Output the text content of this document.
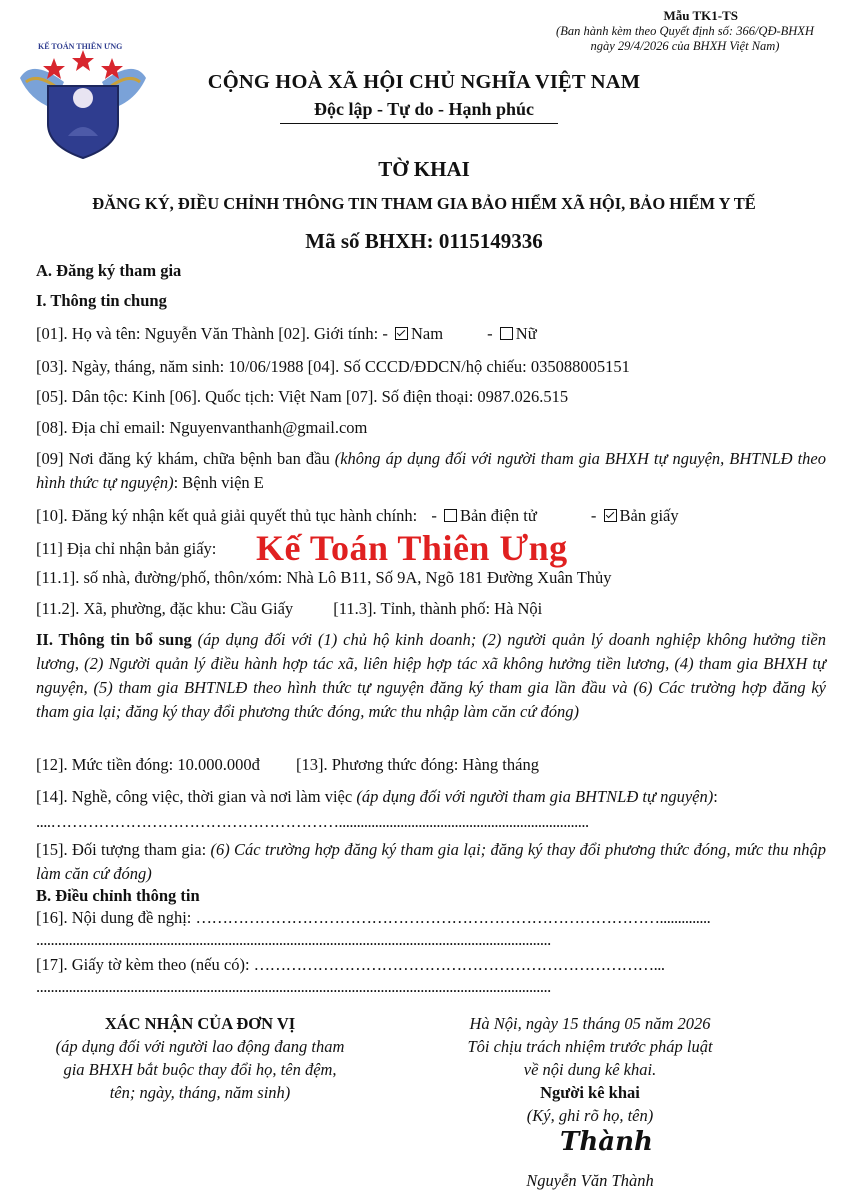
KẾ TOÁN THIÊN ƯNG
Mẫu TK1-TS
(Ban hành kèm theo Quyết định số: 366/QĐ-BHXH
ngày 29/4/2026 của BHXH Việt Nam)
CỘNG HOÀ XÃ HỘI CHỦ NGHĨA VIỆT NAM
Độc lập - Tự do - Hạnh phúc
TỜ KHAI
ĐĂNG KÝ, ĐIỀU CHỈNH THÔNG TIN THAM GIA BẢO HIỂM XÃ HỘI, BẢO HIỂM Y TẾ
Mã số BHXH: 0115149336
A. Đăng ký tham gia
I. Thông tin chung
[01]. Họ và tên: Nguyễn Văn Thành [02]. Giới tính: - Nam	- Nữ
[03]. Ngày, tháng, năm sinh: 10/06/1988 [04]. Số CCCD/ĐDCN/hộ chiếu: 035088005151
[05]. Dân tộc: Kinh [06]. Quốc tịch: Việt Nam [07]. Số điện thoại: 0987.026.515
[08]. Địa chỉ email: Nguyenvanthanh@gmail.com
[09] Nơi đăng ký khám, chữa bệnh ban đầu (không áp dụng đối với người tham gia BHXH tự nguyện, BHTNLĐ theo hình thức tự nguyện): Bệnh viện E
[10]. Đăng ký nhận kết quả giải quyết thủ tục hành chính: - Bản điện tử	- Bản giấy
[11] Địa chỉ nhận bản giấy:	Kế Toán Thiên Ưng
[11.1]. số nhà, đường/phố, thôn/xóm: Nhà Lô B11, Số 9A, Ngõ 181 Đường Xuân Thủy
[11.2]. Xã, phường, đặc khu: Cầu Giấy [11.3]. Tỉnh, thành phố: Hà Nội
II. Thông tin bổ sung (áp dụng đối với (1) chủ hộ kinh doanh; (2) người quản lý doanh nghiệp không hưởng tiền lương, (2) Người quản lý điều hành hợp tác xã, liên hiệp hợp tác xã không hưởng tiền lương, (4) tham gia BHXH tự nguyện, (5) tham gia BHTNLĐ theo hình thức tự nguyện đăng ký tham gia lần đầu và (6) Các trường hợp đăng ký tham gia lại; đăng ký thay đổi phương thức đóng, mức thu nhập làm căn cứ đóng)
[12]. Mức tiền đóng: 10.000.000đ [13]. Phương thức đóng: Hàng tháng
[14]. Nghề, công việc, thời gian và nơi làm việc (áp dụng đối với người tham gia BHTNLĐ tự nguyện):
....……………………………………………….....................................................................
[15]. Đối tượng tham gia: (6) Các trường hợp đăng ký tham gia lại; đăng ký thay đổi phương thức đóng, mức thu nhập làm căn cứ đóng)
B. Điều chỉnh thông tin
[16]. Nội dung đề nghị: ……………………………………………………………………………..............
..............................................................................................................................................
[17]. Giấy tờ kèm theo (nếu có): …………………………………………………………………...
..............................................................................................................................................
XÁC NHẬN CỦA ĐƠN VỊ
(áp dụng đối với người lao động đang tham
gia BHXH bắt buộc thay đổi họ, tên đệm,
tên; ngày, tháng, năm sinh)
Hà Nội, ngày 15 tháng 05 năm 2026
Tôi chịu trách nhiệm trước pháp luật
về nội dung kê khai.
Người kê khai
(Ký, ghi rõ họ, tên)
Thành
Nguyễn Văn Thành
